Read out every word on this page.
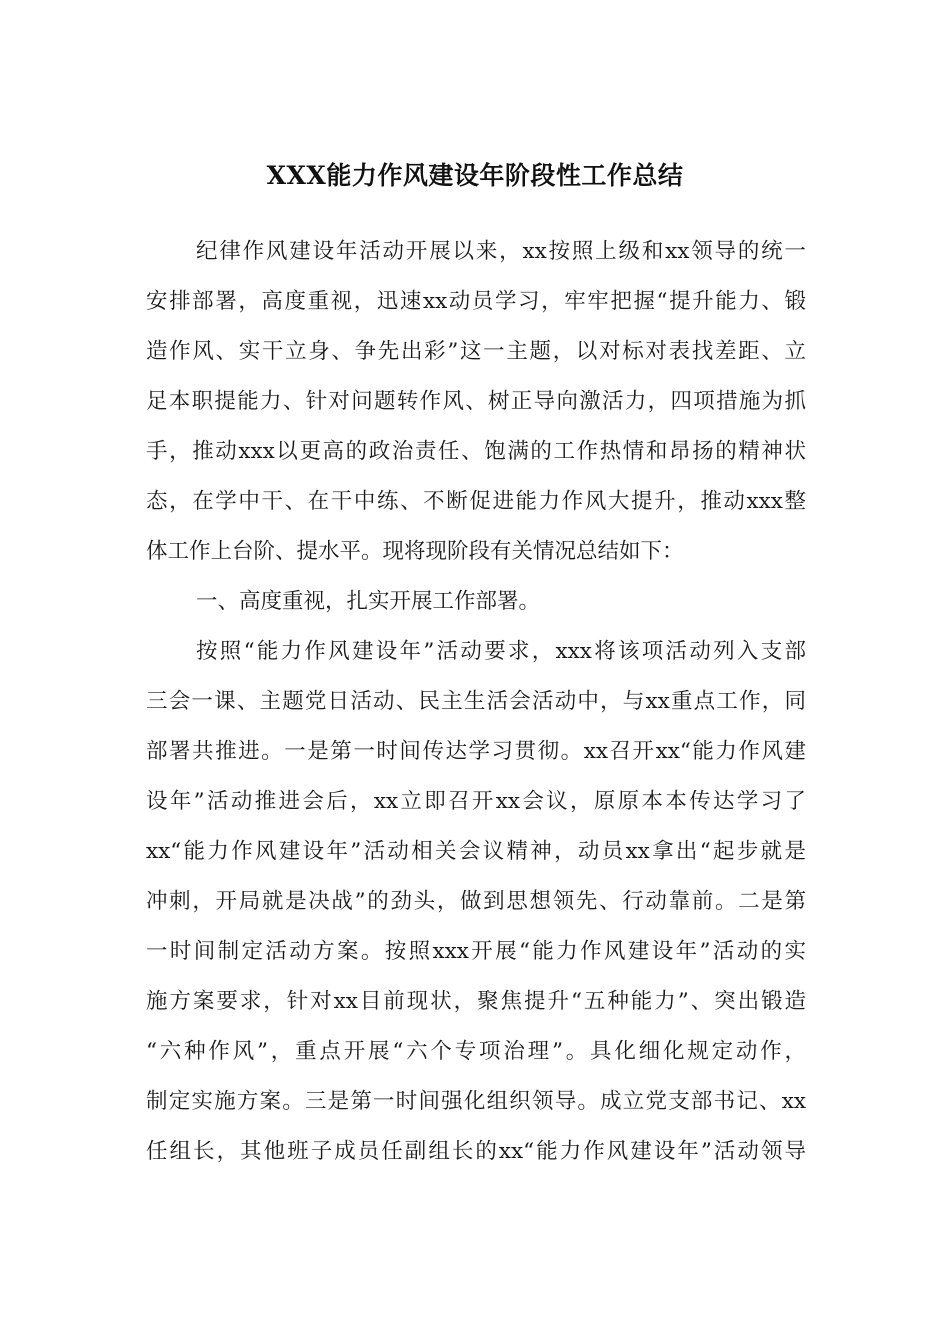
XXX能力作风建设年阶段性工作总结
纪律作风建设年活动开展以来，xx按照上级和xx领导的统一
安排部署，高度重视，迅速xx动员学习，牢牢把握“提升能力、锻
造作风、实干立身、争先出彩”这一主题，以对标对表找差距、立
足本职提能力、针对问题转作风、树正导向激活力，四项措施为抓
手，推动xxx以更高的政治责任、饱满的工作热情和昂扬的精神状
态，在学中干、在干中练、不断促进能力作风大提升，推动xxx整
体工作上台阶、提水平。现将现阶段有关情况总结如下：
一、高度重视，扎实开展工作部署。
按照“能力作风建设年”活动要求，xxx将该项活动列入支部
三会一课、主题党日活动、民主生活会活动中，与xx重点工作，同
部署共推进。一是第一时间传达学习贯彻。xx召开xx“能力作风建
设年”活动推进会后，xx立即召开xx会议，原原本本传达学习了
xx“能力作风建设年”活动相关会议精神，动员xx拿出“起步就是
冲刺，开局就是决战”的劲头，做到思想领先、行动靠前。二是第
一时间制定活动方案。按照xxx开展“能力作风建设年”活动的实
施方案要求，针对xx目前现状，聚焦提升“五种能力”、突出锻造
“六种作风”，重点开展“六个专项治理”。具化细化规定动作，
制定实施方案。三是第一时间强化组织领导。成立党支部书记、xx
任组长，其他班子成员任副组长的xx“能力作风建设年”活动领导
